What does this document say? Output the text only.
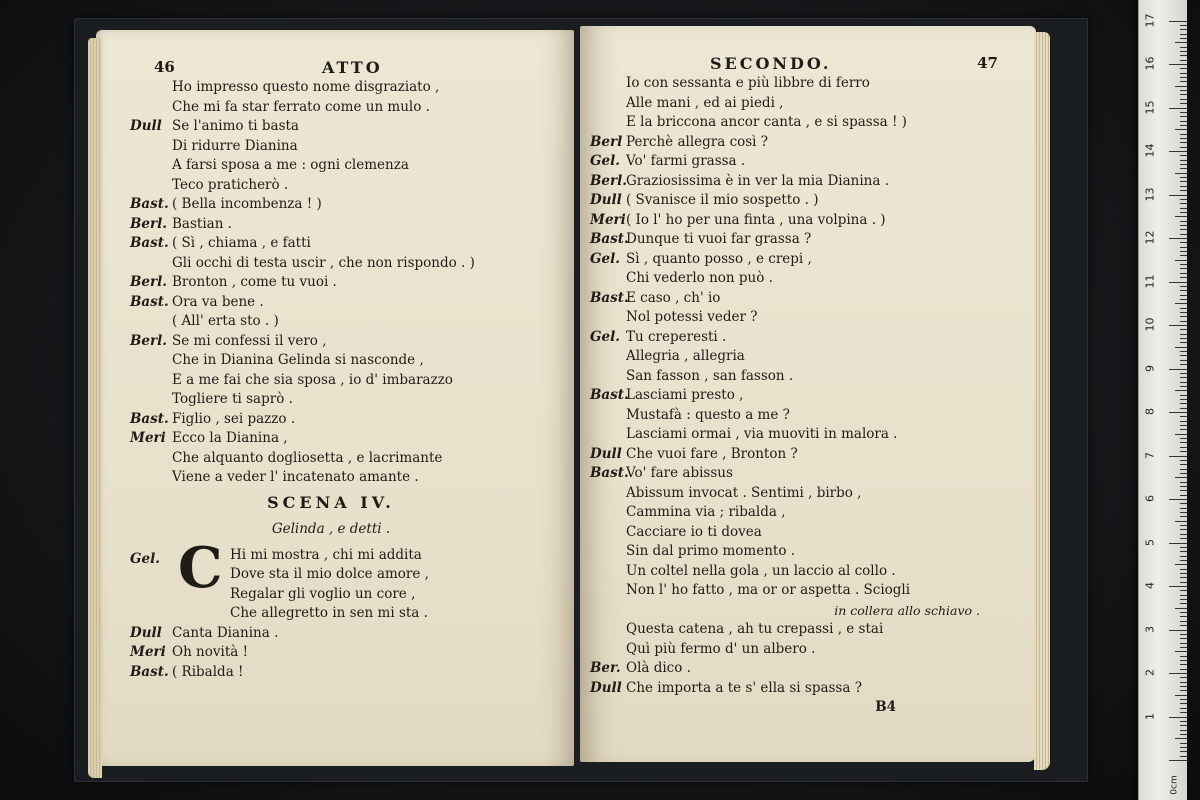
46	ATTO
Ho impresso questo nome disgraziato ,
Che mi fa star ferrato come un mulo .
Dull Se l'animo ti basta
Di ridurre Dianina
A farsi sposa a me : ogni clemenza
Teco praticherò .
Bast. ( Bella incombenza ! )
Berl. Bastian .
Bast. ( Sì , chiama , e fatti
Gli occhi di testa uscir , che non rispondo . )
Berl. Bronton , come tu vuoi .
Bast. Ora va bene .
( All' erta sto . )
Berl. Se mi confessi il vero ,
Che in Dianina Gelinda si nasconde ,
E a me fai che sia sposa , io d' imbarazzo
Togliere ti saprò .
Bast. Figlio , sei pazzo .
Meri Ecco la Dianina ,
Che alquanto dogliosetta , e lacrimante
Viene a veder l' incatenato amante .
SCENA IV.
Gelinda , e detti .
Gel. C Hi mi mostra , chi mi addita
Dove sta il mio dolce amore ,
Regalar gli voglio un core ,
Che allegretto in sen mi sta .
Dull Canta Dianina .
Meri Oh novità !
Bast. ( Ribalda !
SECONDO.	47
Io con sessanta e più libbre di ferro
Alle mani , ed ai piedi ,
E la briccona ancor canta , e si spassa ! )
Berl Perchè allegra così ?
Gel. Vo' farmi grassa .
Berl. Graziosissima è in ver la mia Dianina .
Dull ( Svanisce il mio sospetto . )
Meri ( Io l' ho per una finta , una volpina . )
Bast.
Dunque ti vuoi far grassa ?
Gel. Sì , quanto posso , e crepi ,
Chi vederlo non può .
Bast.
E caso , ch' io
Nol potessi veder ?
Gel. Tu creperesti .
Allegria , allegria
San fasson , san fasson .
Bast.
Lasciami presto ,
Mustafà : questo a me ?
Lasciami ormai , via muoviti in malora .
Dull Che vuoi fare , Bronton ?
Bast.
Vo' fare abissus
Abissum invocat . Sentimi , birbo ,
Cammina via ; ribalda ,
Cacciare io ti dovea
Sin dal primo momento .
Un coltel nella gola , un laccio al collo .
Non l' ho fatto , ma or or aspetta . Sciogli
in collera allo schiavo .
Questa catena , ah tu crepassi , e stai
Quì più fermo d' un albero .
Ber. Olà dico .
Dull Che importa a te s' ella si spassa ?
B4
0cm
1
2
3
4
5
6
7
8
9
10
11
12
13
14
15
16
17
